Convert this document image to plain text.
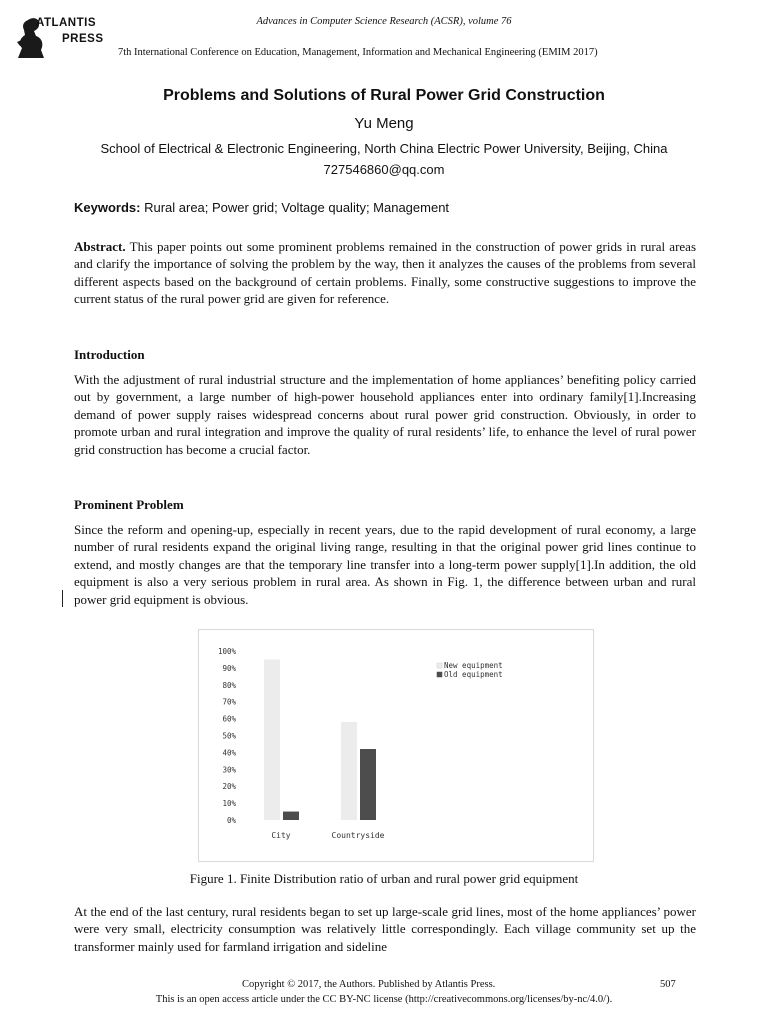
ATLANTIS
PRESS
Advances in Computer Science Research (ACSR), volume 76
7th International Conference on Education, Management, Information and Mechanical Engineering (EMIM 2017)
Problems and Solutions of Rural Power Grid Construction
Yu Meng
School of Electrical & Electronic Engineering, North China Electric Power University, Beijing, China
727546860@qq.com
Keywords: Rural area; Power grid; Voltage quality; Management
Abstract. This paper points out some prominent problems remained in the construction of power grids in rural areas and clarify the importance of solving the problem by the way, then it analyzes the causes of the problems from several different aspects based on the background of certain problems. Finally, some constructive suggestions to improve the current status of the rural power grid are given for reference.
Introduction
With the adjustment of rural industrial structure and the implementation of home appliances’ benefiting policy carried out by government, a large number of high-power household appliances enter into ordinary family[1].Increasing demand of power supply raises widespread concerns about rural power grid construction. Obviously, in order to promote urban and rural integration and improve the quality of rural residents’ life, to enhance the level of rural power grid construction has become a crucial factor.
Prominent Problem
Since the reform and opening-up, especially in recent years, due to the rapid development of rural economy, a large number of rural residents expand the original living range, resulting in that the original power grid lines continue to extend, and mostly changes are that the temporary line transfer into a long-term power supply[1].In addition, the old equipment is also a very serious problem in rural area. As shown in Fig. 1, the difference between urban and rural power grid equipment is obvious.
0%
10%
20%
30%
40%
50%
60%
70%
80%
90%
100%
City	Countryside
New equipment
Old equipment
Figure 1. Finite Distribution ratio of urban and rural power grid equipment
At the end of the last century, rural residents began to set up large-scale grid lines, most of the home appliances’ power were very small, electricity consumption was relatively little correspondingly. Each village community set up the transformer mainly used for farmland irrigation and sideline
Copyright © 2017, the Authors. Published by Atlantis Press.	507
This is an open access article under the CC BY-NC license (http://creativecommons.org/licenses/by-nc/4.0/).
